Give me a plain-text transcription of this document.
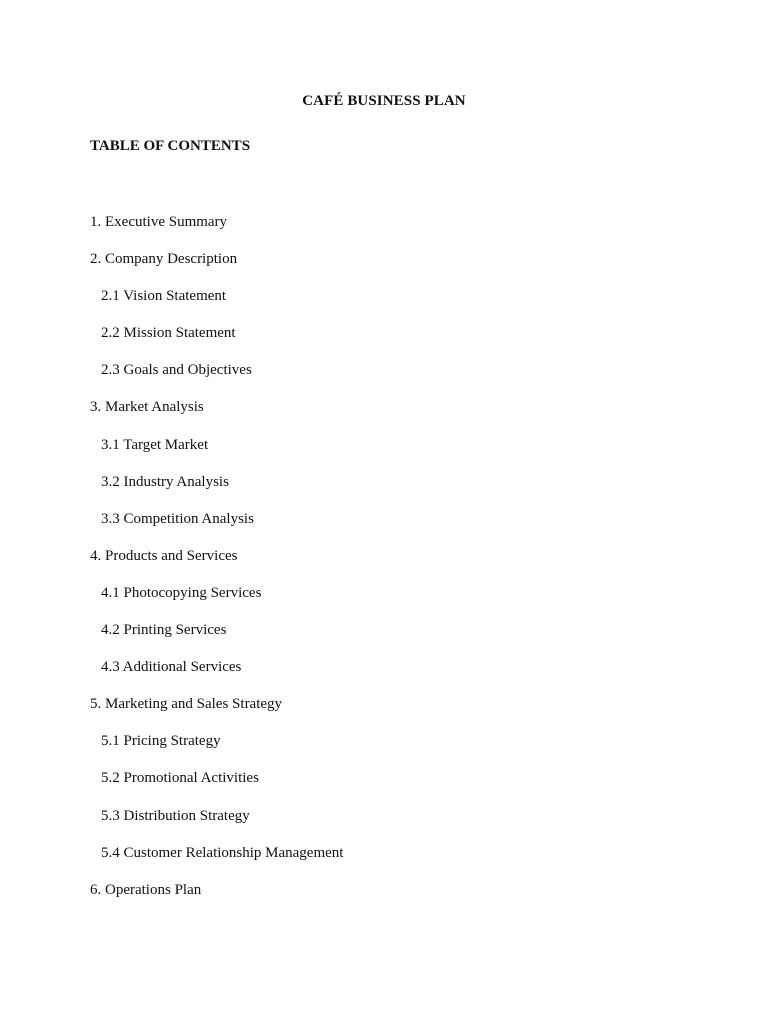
CAFÉ BUSINESS PLAN
TABLE OF CONTENTS
1. Executive Summary
2. Company Description
2.1 Vision Statement
2.2 Mission Statement
2.3 Goals and Objectives
3. Market Analysis
3.1 Target Market
3.2 Industry Analysis
3.3 Competition Analysis
4. Products and Services
4.1 Photocopying Services
4.2 Printing Services
4.3 Additional Services
5. Marketing and Sales Strategy
5.1 Pricing Strategy
5.2 Promotional Activities
5.3 Distribution Strategy
5.4 Customer Relationship Management
6. Operations Plan
